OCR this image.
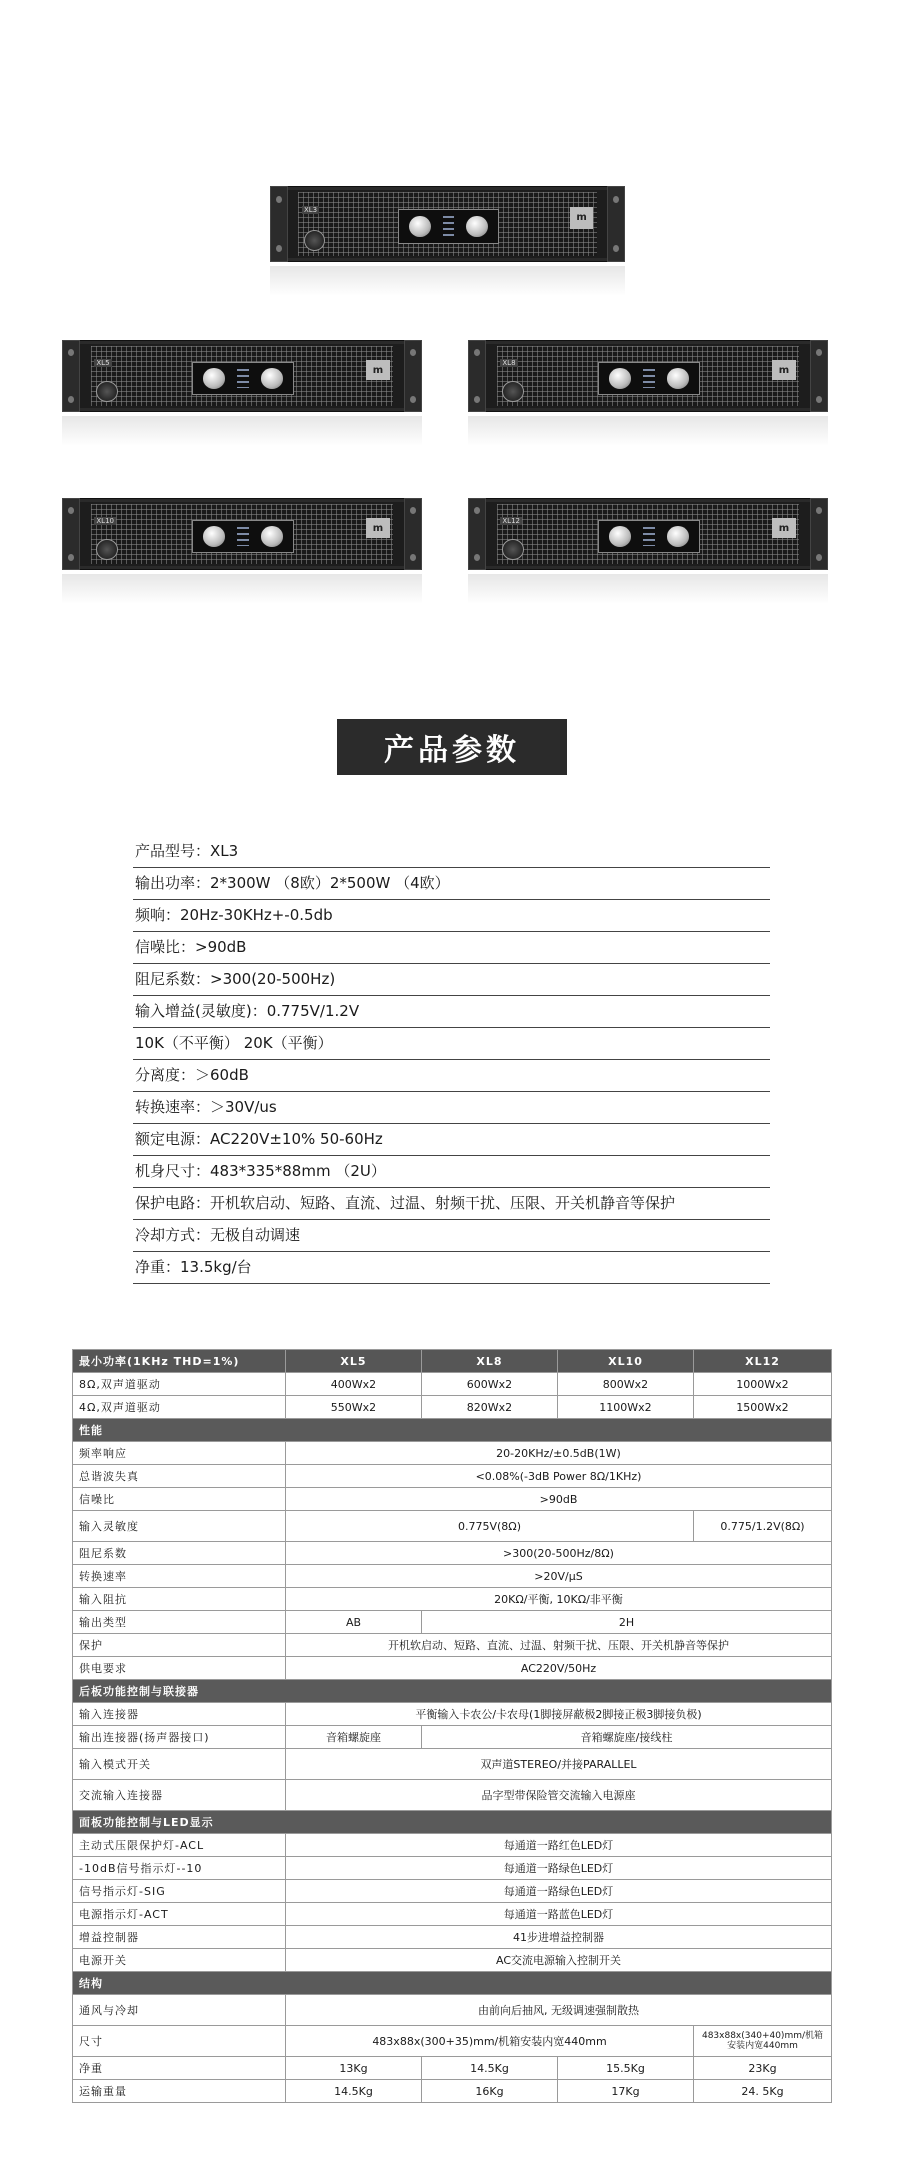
XL3
m
XL5
m
XL8
m
XL10
m
XL12
m
产品参数
产品型号：XL3
输出功率：2*300W （8欧）2*500W （4欧）
频响：20Hz-30KHz+-0.5db
信噪比：>90dB
阻尼系数：>300(20-500Hz)
输入增益(灵敏度)：0.775V/1.2V
10K（不平衡） 20K（平衡）
分离度：＞60dB
转换速率：＞30V/us
额定电源：AC220V±10% 50-60Hz
机身尺寸：483*335*88mm （2U）
保护电路：开机软启动、短路、直流、过温、射频干扰、压限、开关机静音等保护
冷却方式：无极自动调速
净重：13.5kg/台
最小功率(1KHz THD=1%)	XL5	XL8	XL10	XL12
8Ω,双声道驱动	400Wx2	600Wx2	800Wx2	1000Wx2
4Ω,双声道驱动	550Wx2	820Wx2	1100Wx2	1500Wx2
性能				
频率响应	20-20KHz/±0.5dB(1W)			
总谐波失真	<0.08%(-3dB Power 8Ω/1KHz)			
信噪比	>90dB			
输入灵敏度	0.775V(8Ω)			0.775/1.2V(8Ω)
阻尼系数	>300(20-500Hz/8Ω)			
转换速率	>20V/μS			
输入阻抗	20KΩ/平衡, 10KΩ/非平衡			
输出类型	AB	2H		
保护	开机软启动、短路、直流、过温、射频干扰、压限、开关机静音等保护			
供电要求	AC220V/50Hz			
后板功能控制与联接器				
输入连接器	平衡输入卡农公/卡农母(1脚接屏蔽极2脚接正极3脚接负极)			
输出连接器(扬声器接口)	音箱螺旋座	音箱螺旋座/接线柱		
输入模式开关	双声道STEREO/并接PARALLEL			
交流输入连接器	品字型带保险管交流输入电源座			
面板功能控制与LED显示				
主动式压限保护灯-ACL	每通道一路红色LED灯			
-10dB信号指示灯--10	每通道一路绿色LED灯			
信号指示灯-SIG	每通道一路绿色LED灯			
电源指示灯-ACT	每通道一路蓝色LED灯			
增益控制器	41步进增益控制器			
电源开关	AC交流电源输入控制开关			
结构				
通风与冷却	由前向后抽风, 无级调速强制散热			
尺寸	483x88x(300+35)mm/机箱安装内宽440mm			483x88x(340+40)mm/机箱安装内宽440mm
净重	13Kg	14.5Kg	15.5Kg	23Kg
运输重量	14.5Kg	16Kg	17Kg	24. 5Kg
